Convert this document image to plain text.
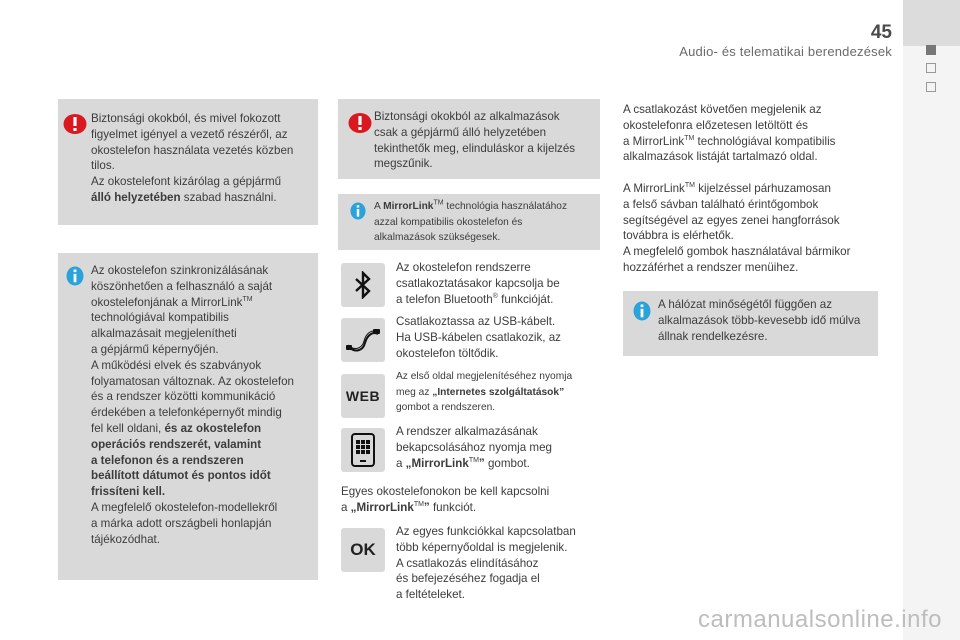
45
Audio- és telematikai berendezések
Biztonsági okokból, és mivel fokozott
figyelmet igényel a vezető részéről, az
okostelefon használata vezetés közben
tilos.
Az okostelefont kizárólag a gépjármű
álló helyzetében szabad használni.
Az okostelefon szinkronizálásának
köszönhetően a felhasználó a saját
okostelefonjának a MirrorLink™
technológiával kompatibilis
alkalmazásait megjelenítheti
a gépjármű képernyőjén.
A működési elvek és szabványok
folyamatosan változnak. Az okostelefon
és a rendszer közötti kommunikáció
érdekében a telefonképernyőt mindig
fel kell oldani, és az okostelefon
operációs rendszerét, valamint
a telefonon és a rendszeren
beállított dátumot és pontos időt
frissíteni kell.
A megfelelő okostelefon-modellekről
a márka adott országbeli honlapján
tájékozódhat.
Biztonsági okokból az alkalmazások
csak a gépjármű álló helyzetében
tekinthetők meg, elinduláskor a kijelzés
megszűnik.
A MirrorLink™ technológia használatához
azzal kompatibilis okostelefon és
alkalmazások szükségesek.
Az okostelefon rendszerre
csatlakoztatásakor kapcsolja be
a telefon Bluetooth® funkcióját.
Csatlakoztassa az USB-kábelt.
Ha USB-kábelen csatlakozik, az
okostelefon töltődik.
WEB
Az első oldal megjelenítéséhez nyomja
meg az „Internetes szolgáltatások”
gombot a rendszeren.
A rendszer alkalmazásának
bekapcsolásához nyomja meg
a „MirrorLink™” gombot.
Egyes okostelefonokon be kell kapcsolni
a „MirrorLink™” funkciót.
OK
Az egyes funkciókkal kapcsolatban
több képernyőoldal is megjelenik.
A csatlakozás elindításához
és befejezéséhez fogadja el
a feltételeket.
A csatlakozást követően megjelenik az
okostelefonra előzetesen letöltött és
a MirrorLink™ technológiával kompatibilis
alkalmazások listáját tartalmazó oldal.
A MirrorLink™ kijelzéssel párhuzamosan
a felső sávban található érintőgombok
segítségével az egyes zenei hangforrások
továbbra is elérhetők.
A megfelelő gombok használatával bármikor
hozzáférhet a rendszer menüihez.
A hálózat minőségétől függően az
alkalmazások több-kevesebb idő múlva
állnak rendelkezésre.
carmanualsonline.info
